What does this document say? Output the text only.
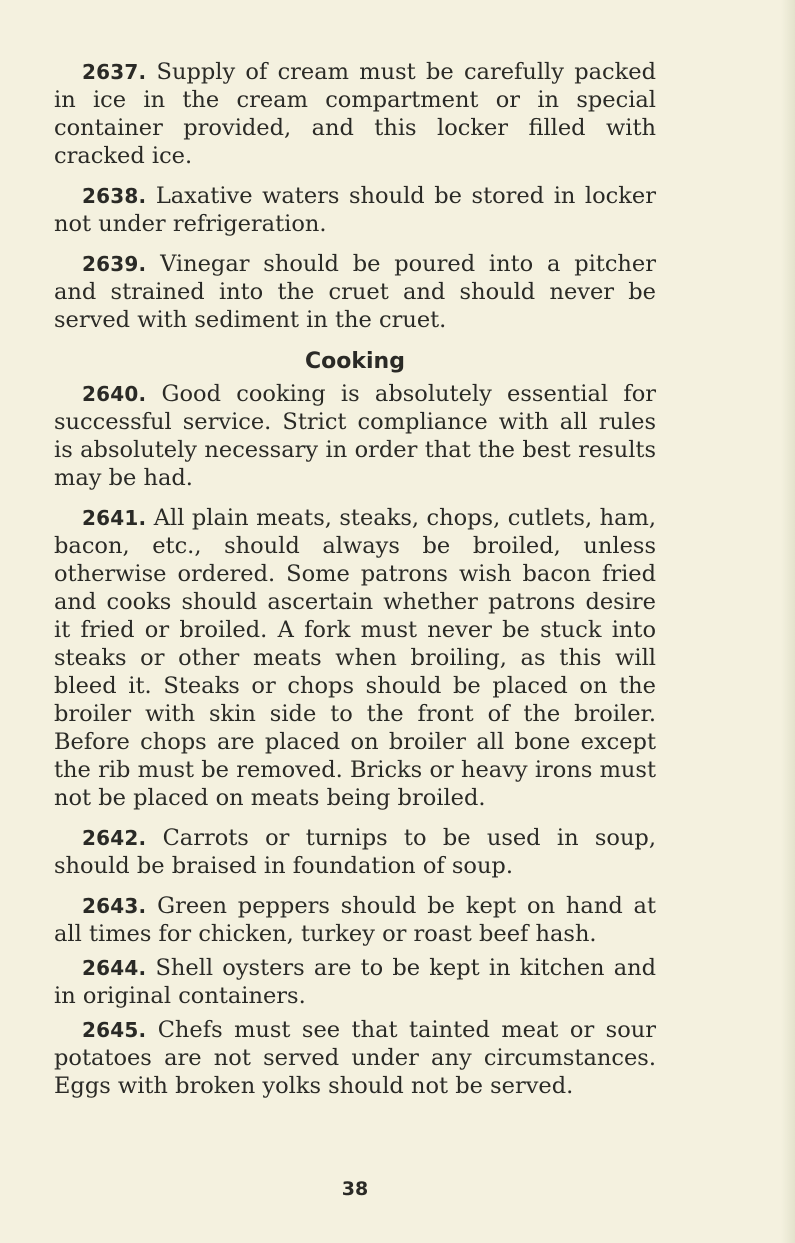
2637. Supply of cream must be carefully packed in ice in the cream compartment or in special container provided, and this locker filled with cracked ice.

2638. Laxative waters should be stored in locker not under refrigeration.

2639. Vinegar should be poured into a pitcher and strained into the cruet and should never be served with sediment in the cruet.

Cooking

2640. Good cooking is absolutely essential for successful service. Strict compliance with all rules is absolutely necessary in order that the best results may be had.

2641. All plain meats, steaks, chops, cutlets, ham, bacon, etc., should always be broiled, unless otherwise ordered. Some patrons wish bacon fried and cooks should ascertain whether patrons desire it fried or broiled. A fork must never be stuck into steaks or other meats when broiling, as this will bleed it. Steaks or chops should be placed on the broiler with skin side to the front of the broiler. Before chops are placed on broiler all bone except the rib must be removed. Bricks or heavy irons must not be placed on meats being broiled.

2642. Carrots or turnips to be used in soup, should be braised in foundation of soup.

2643. Green peppers should be kept on hand at all times for chicken, turkey or roast beef hash.

2644. Shell oysters are to be kept in kitchen and in original containers.

2645. Chefs must see that tainted meat or sour potatoes are not served under any circumstances. Eggs with broken yolks should not be served.

38
